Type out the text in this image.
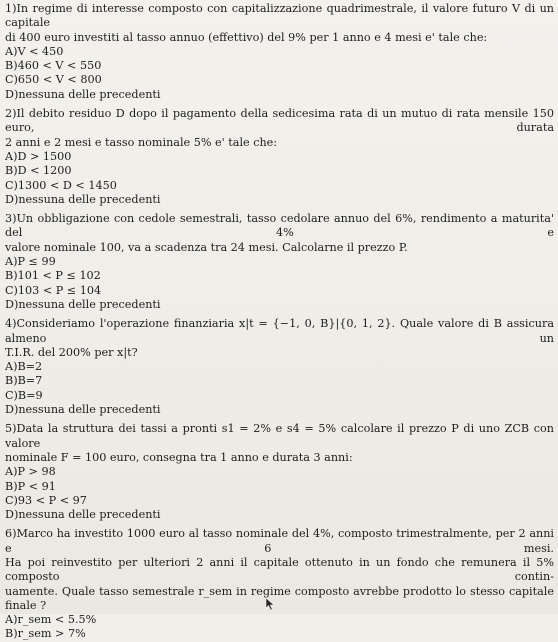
1)In regime di interesse composto con capitalizzazione quadrimestrale, il valore futuro V di un capitale
di 400 euro investiti al tasso annuo (effettivo) del 9% per 1 anno e 4 mesi e' tale che:

A)V < 450
B)460 < V < 550
C)650 < V < 800
D)nessuna delle precedenti

2)Il debito residuo D dopo il pagamento della sedicesima rata di un mutuo di rata mensile 150 euro, durata
2 anni e 2 mesi e tasso nominale 5% e' tale che:

A)D > 1500
B)D < 1200
C)1300 < D < 1450
D)nessuna delle precedenti

3)Un obbligazione con cedole semestrali, tasso cedolare annuo del 6%, rendimento a maturita' del 4% e
valore nominale 100, va a scadenza tra 24 mesi. Calcolarne il prezzo P.

A)P ≤ 99
B)101 < P ≤ 102
C)103 < P ≤ 104
D)nessuna delle precedenti

4)Consideriamo l'operazione finanziaria x|t = {−1, 0, B}|{0, 1, 2}. Quale valore di B assicura almeno un
T.I.R. del 200% per x|t?

A)B=2
B)B=7
C)B=9
D)nessuna delle precedenti

5)Data la struttura dei tassi a pronti s1 = 2% e s4 = 5% calcolare il prezzo P di uno ZCB con valore
nominale F = 100 euro, consegna tra 1 anno e durata 3 anni:

A)P > 98
B)P < 91
C)93 < P < 97
D)nessuna delle precedenti

6)Marco ha investito 1000 euro al tasso nominale del 4%, composto trimestralmente, per 2 anni e 6 mesi.
Ha poi reinvestito per ulteriori 2 anni il capitale ottenuto in un fondo che remunera il 5% composto contin-
uamente. Quale tasso semestrale r_sem in regime composto avrebbe prodotto lo stesso capitale finale ?

A)r_sem < 5.5%
B)r_sem > 7%
